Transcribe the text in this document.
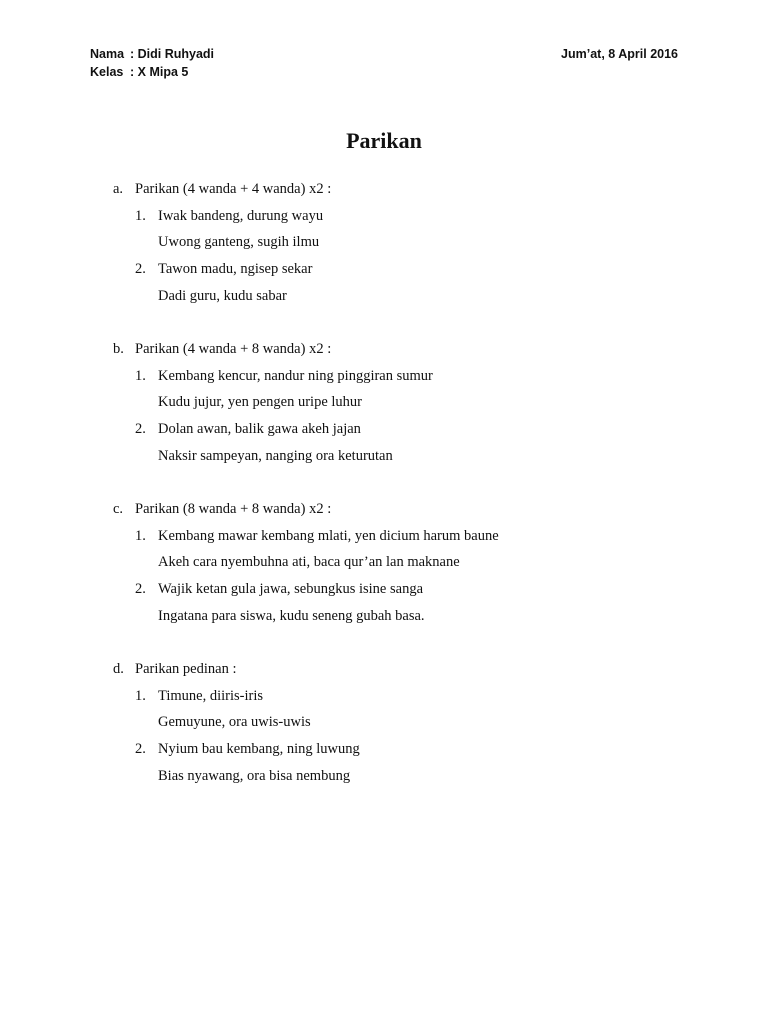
Nama : Didi Ruhyadi
Kelas : X Mipa 5
Jum’at, 8 April 2016
Parikan
a. Parikan (4 wanda + 4 wanda) x2 :
1. Iwak bandeng, durung wayu
Uwong ganteng, sugih ilmu
2. Tawon madu, ngisep sekar
Dadi guru, kudu sabar
b. Parikan (4 wanda + 8 wanda) x2 :
1. Kembang kencur, nandur ning pinggiran sumur
Kudu jujur, yen pengen uripe luhur
2. Dolan awan, balik gawa akeh jajan
Naksir sampeyan, nanging ora keturutan
c. Parikan (8 wanda + 8 wanda) x2 :
1. Kembang mawar kembang mlati, yen dicium harum baune
Akeh cara nyembuhna ati, baca qur’an lan maknane
2. Wajik ketan gula jawa, sebungkus isine sanga
Ingatana para siswa, kudu seneng gubah basa.
d. Parikan pedinan :
1. Timune, diiris-iris
Gemuyune, ora uwis-uwis
2. Nyium bau kembang, ning luwung
Bias nyawang, ora bisa nembung
